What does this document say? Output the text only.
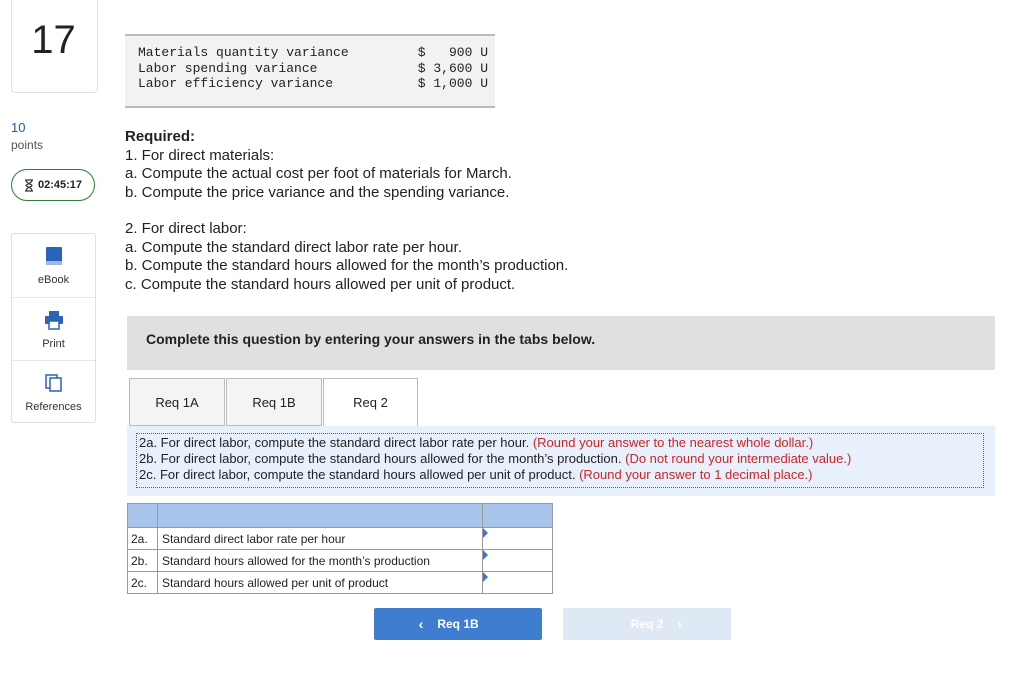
17
10
points
02:45:17
eBook
Print
References
Materials quantity variance	$   900 U
Labor spending variance	$ 3,600 U
Labor efficiency variance	$ 1,000 U
Required:
1. For direct materials:
a. Compute the actual cost per foot of materials for March.
b. Compute the price variance and the spending variance.
2. For direct labor:
a. Compute the standard direct labor rate per hour.
b. Compute the standard hours allowed for the month’s production.
c. Compute the standard hours allowed per unit of product.
Complete this question by entering your answers in the tabs below.
Req 1A	Req 1B	Req 2
2a. For direct labor, compute the standard direct labor rate per hour. (Round your answer to the nearest whole dollar.)
2b. For direct labor, compute the standard hours allowed for the month’s production. (Do not round your intermediate value.)
2c. For direct labor, compute the standard hours allowed per unit of product. (Round your answer to 1 decimal place.)

2a.	Standard direct labor rate per hour	

2b.	Standard hours allowed for the month’s production	

2c.	Standard hours allowed per unit of product	
‹ Req 1B	Req 2 ›
